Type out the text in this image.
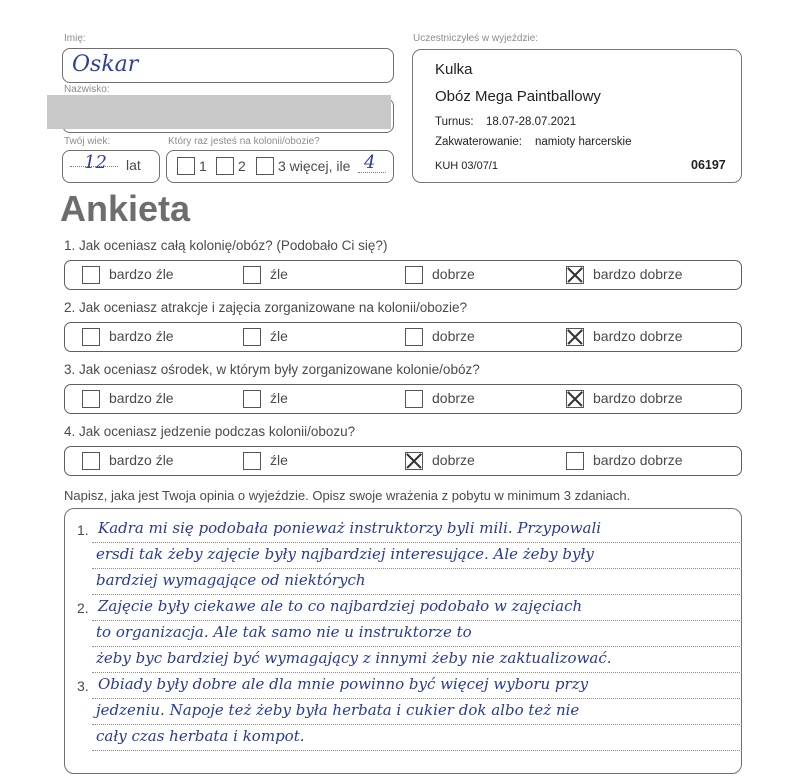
Imię:
Oskar
Nazwisko:
Twój wiek:
12 lat
Który raz jesteś na kolonii/obozie?
1 2 3 więcej, ile 4
Uczestniczyłeś w wyjeździe:
Kulka
Obóz Mega Paintballowy
Turnus: 18.07-28.07.2021
Zakwaterowanie: namioty harcerskie
KUH 03/07/1	06197
Ankieta
1. Jak oceniasz całą kolonię/obóz? (Podobało Ci się?)
2. Jak oceniasz atrakcje i zajęcia zorganizowane na kolonii/obozie?
3. Jak oceniasz ośrodek, w którym były zorganizowane kolonie/obóz?
4. Jak oceniasz jedzenie podczas kolonii/obozu?
Napisz, jaka jest Twoja opinia o wyjeździe. Opisz swoje wrażenia z pobytu w minimum 3 zdaniach.
1.
2.
3.
Kadra mi się podobała ponieważ instruktorzy byli mili. Przypowali
ersdi tak żeby zajęcie były najbardziej interesujące. Ale żeby były
bardziej wymagające od niektórych
Zajęcie były ciekawe ale to co najbardziej podobało w zajęciach
to organizacja. Ale tak samo nie u instruktorze to
żeby byc bardziej być wymagający z innymi żeby nie zaktualizować.
Obiady były dobre ale dla mnie powinno być więcej wyboru przy
jedzeniu. Napoje też żeby była herbata i cukier dok albo też nie
cały czas herbata i kompot.
bardzo źle	źle	dobrze	bardzo dobrze
bardzo źle	źle	dobrze	bardzo dobrze
bardzo źle	źle	dobrze	bardzo dobrze
bardzo źle	źle	dobrze	bardzo dobrze
